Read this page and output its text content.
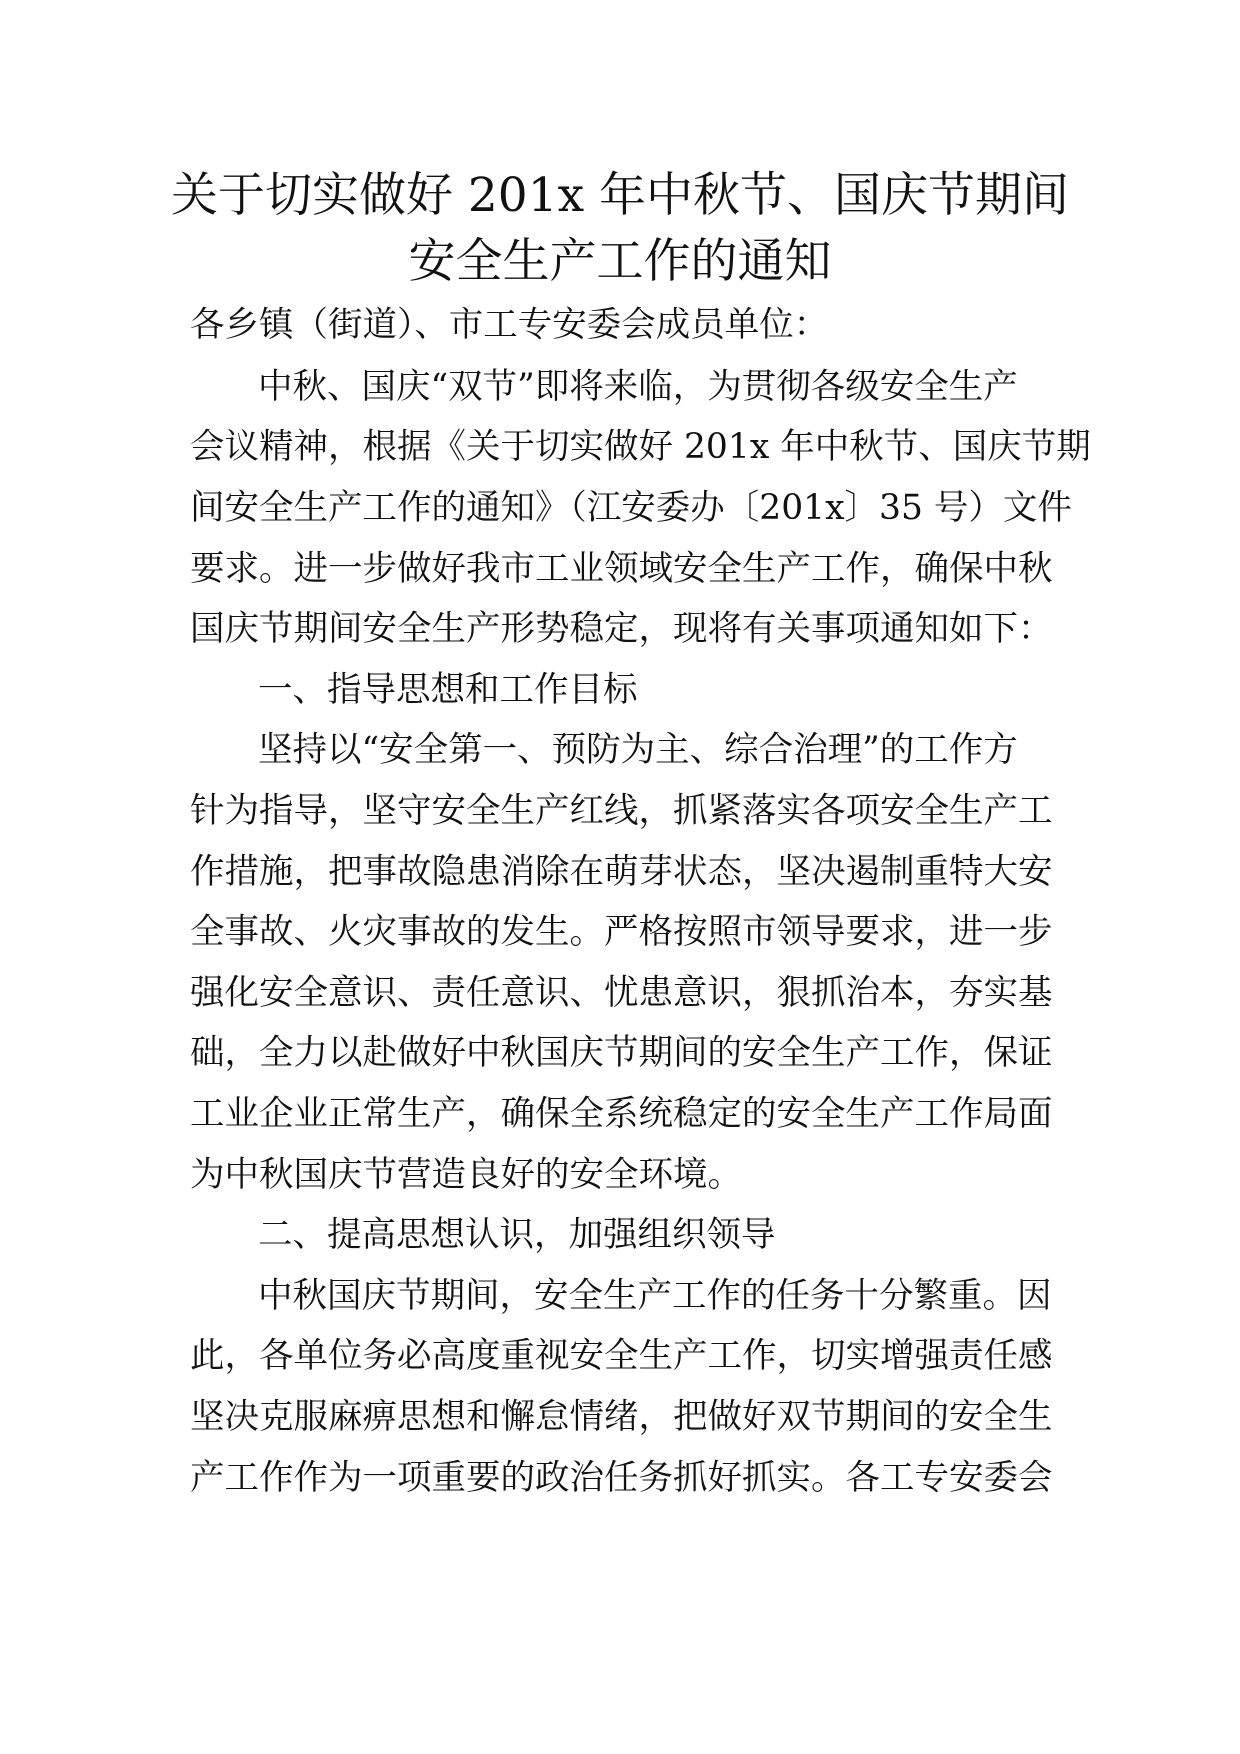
关于切实做好 201x 年中秋节、国庆节期间
安全生产工作的通知
各乡镇（街道）、市工专安委会成员单位：
中秋、国庆“双节”即将来临，为贯彻各级安全生产
会议精神，根据《关于切实做好 201x 年中秋节、国庆节期
间安全生产工作的通知》（江安委办〔201x〕35 号）文件
要求。进一步做好我市工业领域安全生产工作，确保中秋
国庆节期间安全生产形势稳定，现将有关事项通知如下：
一、指导思想和工作目标
坚持以“安全第一、预防为主、综合治理”的工作方
针为指导，坚守安全生产红线，抓紧落实各项安全生产工
作措施，把事故隐患消除在萌芽状态，坚决遏制重特大安
全事故、火灾事故的发生。严格按照市领导要求，进一步
强化安全意识、责任意识、忧患意识，狠抓治本，夯实基
础，全力以赴做好中秋国庆节期间的安全生产工作，保证
工业企业正常生产，确保全系统稳定的安全生产工作局面
为中秋国庆节营造良好的安全环境。
二、提高思想认识，加强组织领导
中秋国庆节期间，安全生产工作的任务十分繁重。因
此，各单位务必高度重视安全生产工作，切实增强责任感
坚决克服麻痹思想和懈怠情绪，把做好双节期间的安全生
产工作作为一项重要的政治任务抓好抓实。各工专安委会
